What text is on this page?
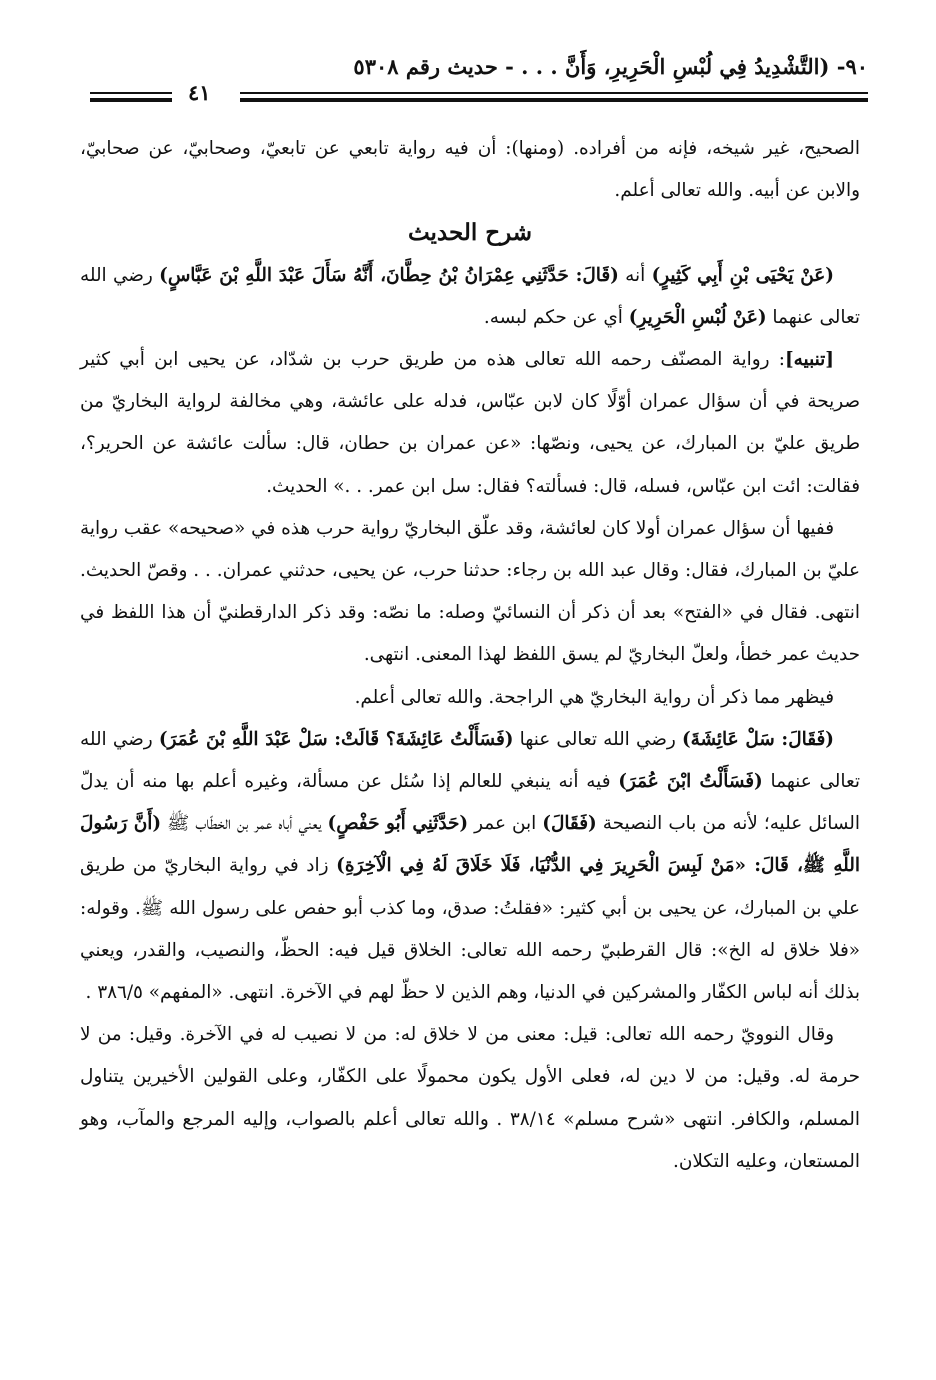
٩٠- (التَّشْدِيدُ فِي لُبْسِ الْحَرِيرِ، وَأَنَّ . . . - حديث رقم ٥٣٠٨
٤١

الصحيح، غير شيخه، فإنه من أفراده. (ومنها): أن فيه رواية تابعي عن تابعيّ، وصحابيّ، عن صحابيّ، والابن عن أبيه. والله تعالى أعلم.

شرح الحديث

(عَنْ يَحْيَى بْنِ أَبِي كَثِيرٍ) أنه (قَالَ: حَدَّثَنِي عِمْرَانُ بْنُ حِطَّانَ، أَنَّهُ سَأَلَ عَبْدَ اللَّهِ بْنَ عَبَّاسٍ) رضي الله تعالى عنهما (عَنْ لُبْسِ الْحَرِيرِ) أي عن حكم لبسه.

[تنبيه]: رواية المصنّف رحمه الله تعالى هذه من طريق حرب بن شدّاد، عن يحيى ابن أبي كثير صريحة في أن سؤال عمران أوّلًا كان لابن عبّاس، فدله على عائشة، وهي مخالفة لرواية البخاريّ من طريق عليّ بن المبارك، عن يحيى، ونصّها: «عن عمران بن حطان، قال: سألت عائشة عن الحرير؟، فقالت: ائت ابن عبّاس، فسله، قال: فسألته؟ فقال: سل ابن عمر. . .» الحديث.

ففيها أن سؤال عمران أولا كان لعائشة، وقد علّق البخاريّ رواية حرب هذه في «صحيحه» عقب رواية عليّ بن المبارك، فقال: وقال عبد الله بن رجاء: حدثنا حرب، عن يحيى، حدثني عمران. . . وقصّ الحديث. انتهى. فقال في «الفتح» بعد أن ذكر أن النسائيّ وصله: ما نصّه: وقد ذكر الدارقطنيّ أن هذا اللفظ في حديث عمر خطأ، ولعلّ البخاريّ لم يسق اللفظ لهذا المعنى. انتهى.

فيظهر مما ذكر أن رواية البخاريّ هي الراجحة. والله تعالى أعلم.

(فَقَالَ: سَلْ عَائِشَةَ) رضي الله تعالى عنها (فَسَأَلْتُ عَائِشَةَ؟ قَالَتْ: سَلْ عَبْدَ اللَّهِ بْنَ عُمَرَ) رضي الله تعالى عنهما (فَسَأَلْتُ ابْنَ عُمَرَ) فيه أنه ينبغي للعالم إذا سُئل عن مسألة، وغيره أعلم بها منه أن يدلّ السائل عليه؛ لأنه من باب النصيحة (فَقَالَ) ابن عمر (حَدَّثَنِي أَبُو حَفْصٍ) يعني أباه عمر بن الخطّاب ﷺ (أَنَّ رَسُولَ اللَّهِ ﷺ، قَالَ: «مَنْ لَبِسَ الْحَرِيرَ فِي الدُّنْيَا، فَلَا خَلَاقَ لَهُ فِي الْآخِرَةِ) زاد في رواية البخاريّ من طريق علي بن المبارك، عن يحيى بن أبي كثير: «فقلتُ: صدق، وما كذب أبو حفص على رسول الله ﷺ. وقوله: «فلا خلاق له الخ»: قال القرطبيّ رحمه الله تعالى: الخلاق قيل فيه: الحظّ، والنصيب، والقدر، ويعني بذلك أنه لباس الكفّار والمشركين في الدنيا، وهم الذين لا حظّ لهم في الآخرة. انتهى. «المفهم» ٣٨٦/٥ .

وقال النوويّ رحمه الله تعالى: قيل: معنى من لا خلاق له: من لا نصيب له في الآخرة. وقيل: من لا حرمة له. وقيل: من لا دين له، فعلى الأول يكون محمولًا على الكفّار، وعلى القولين الأخيرين يتناول المسلم، والكافر. انتهى «شرح مسلم» ٣٨/١٤ . والله تعالى أعلم بالصواب، وإليه المرجع والمآب، وهو المستعان، وعليه التكلان.
